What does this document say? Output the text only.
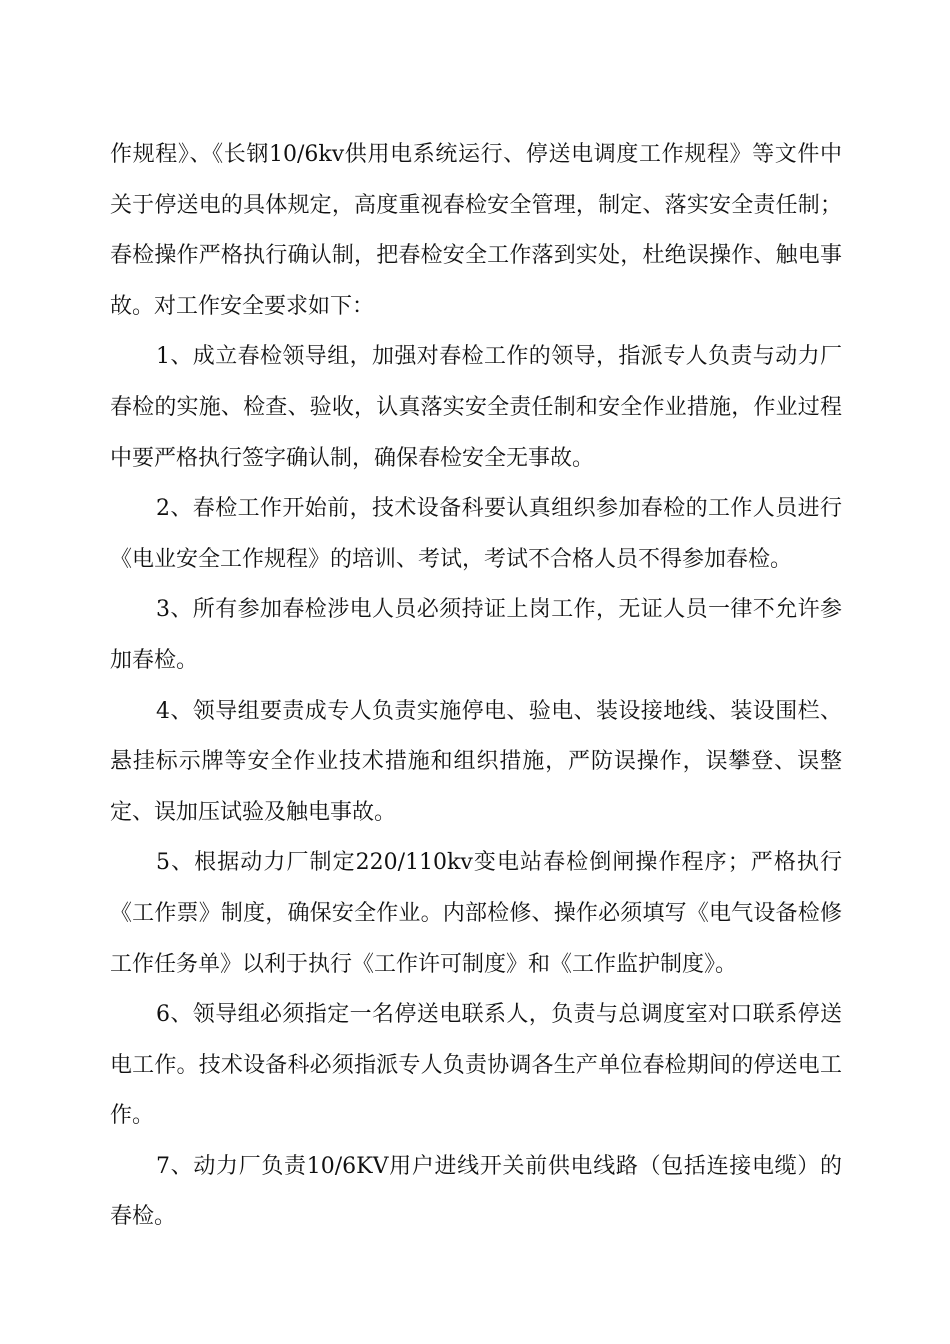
作规程》、《长钢10/6kv供用电系统运行、停送电调度工作规程》等文件中关于停送电的具体规定，高度重视春检安全管理，制定、落实安全责任制；春检操作严格执行确认制，把春检安全工作落到实处，杜绝误操作、触电事故。对工作安全要求如下：

1、成立春检领导组，加强对春检工作的领导，指派专人负责与动力厂春检的实施、检查、验收，认真落实安全责任制和安全作业措施，作业过程中要严格执行签字确认制，确保春检安全无事故。

2、春检工作开始前，技术设备科要认真组织参加春检的工作人员进行《电业安全工作规程》的培训、考试，考试不合格人员不得参加春检。

3、所有参加春检涉电人员必须持证上岗工作，无证人员一律不允许参加春检。

4、领导组要责成专人负责实施停电、验电、装设接地线、装设围栏、悬挂标示牌等安全作业技术措施和组织措施，严防误操作，误攀登、误整定、误加压试验及触电事故。

5、根据动力厂制定220/110kv变电站春检倒闸操作程序；严格执行《工作票》制度，确保安全作业。内部检修、操作必须填写《电气设备检修工作任务单》以利于执行《工作许可制度》和《工作监护制度》。

6、领导组必须指定一名停送电联系人，负责与总调度室对口联系停送电工作。技术设备科必须指派专人负责协调各生产单位春检期间的停送电工作。

7、动力厂负责10/6KV用户进线开关前供电线路（包括连接电缆）的春检。
